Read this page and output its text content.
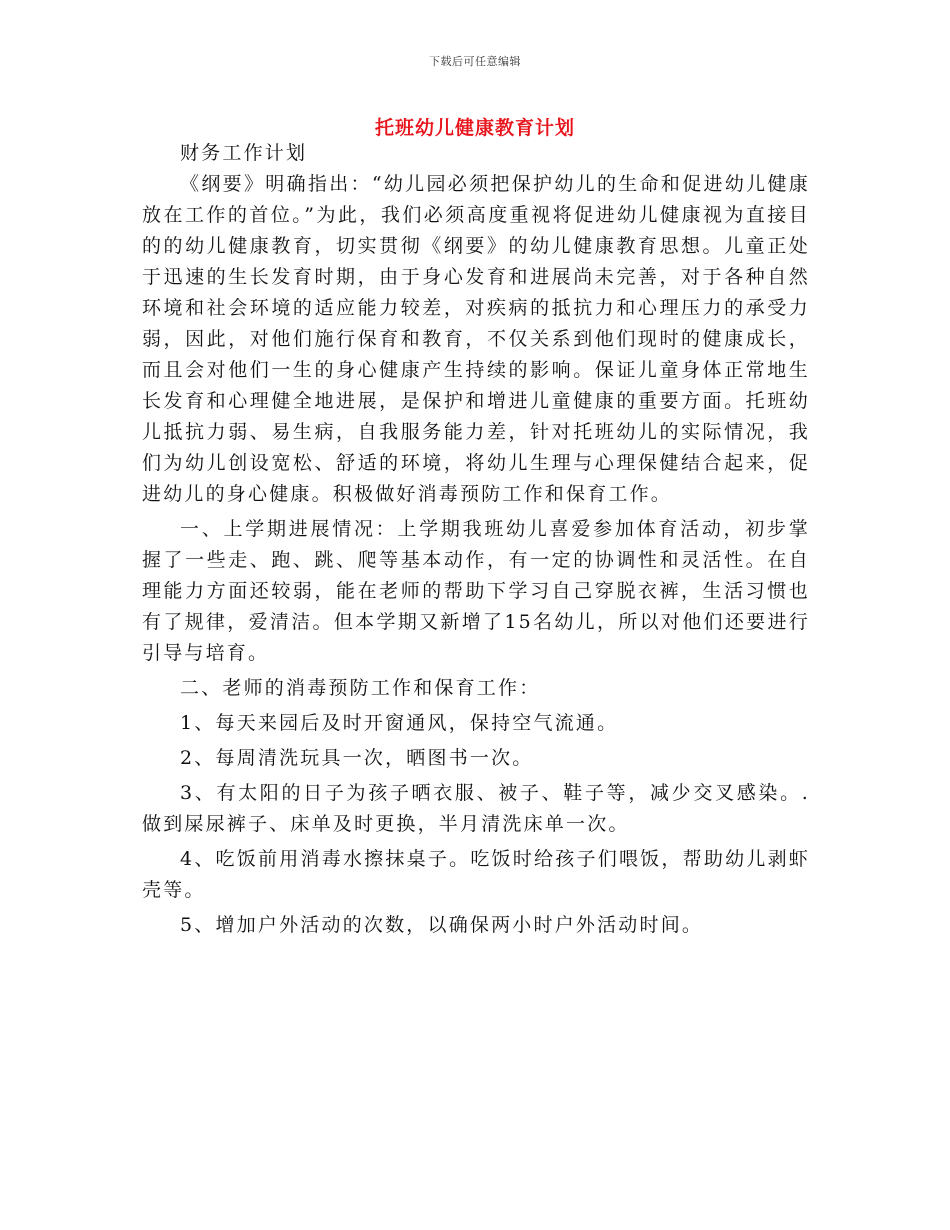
下载后可任意编辑
托班幼儿健康教育计划

财务工作计划

《纲要》明确指出：“幼儿园必须把保护幼儿的生命和促进幼儿健康放在工作的首位。”为此，我们必须高度重视将促进幼儿健康视为直接目的的幼儿健康教育，切实贯彻《纲要》的幼儿健康教育思想。儿童正处于迅速的生长发育时期，由于身心发育和进展尚未完善，对于各种自然环境和社会环境的适应能力较差，对疾病的抵抗力和心理压力的承受力弱，因此，对他们施行保育和教育，不仅关系到他们现时的健康成长，而且会对他们一生的身心健康产生持续的影响。保证儿童身体正常地生长发育和心理健全地进展，是保护和增进儿童健康的重要方面。托班幼儿抵抗力弱、易生病，自我服务能力差，针对托班幼儿的实际情况，我们为幼儿创设宽松、舒适的环境，将幼儿生理与心理保健结合起来，促进幼儿的身心健康。积极做好消毒预防工作和保育工作。

一、上学期进展情况：上学期我班幼儿喜爱参加体育活动，初步掌握了一些走、跑、跳、爬等基本动作，有一定的协调性和灵活性。在自理能力方面还较弱，能在老师的帮助下学习自己穿脱衣裤，生活习惯也有了规律，爱清洁。但本学期又新增了15名幼儿，所以对他们还要进行引导与培育。

二、老师的消毒预防工作和保育工作：

1、每天来园后及时开窗通风，保持空气流通。

2、每周清洗玩具一次，晒图书一次。

3、有太阳的日子为孩子晒衣服、被子、鞋子等，减少交叉感染。.做到屎尿裤子、床单及时更换，半月清洗床单一次。

4、吃饭前用消毒水擦抹桌子。吃饭时给孩子们喂饭，帮助幼儿剥虾壳等。

5、增加户外活动的次数，以确保两小时户外活动时间。
